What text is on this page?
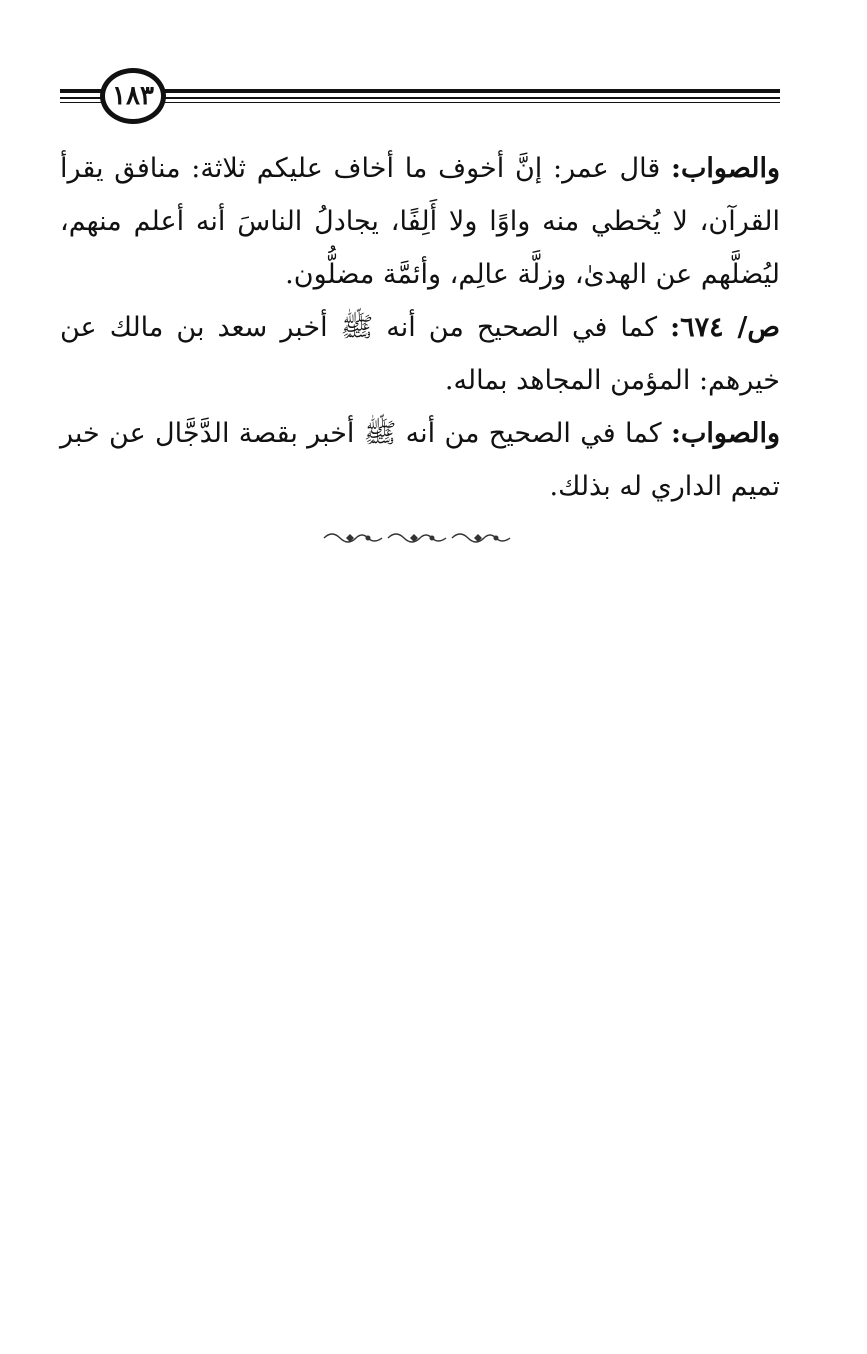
١٨٣

والصواب: قال عمر: إنَّ أخوف ما أخاف عليكم ثلاثة: منافق يقرأ القرآن، لا يُخطي منه واوًا ولا أَلِفًا، يجادلُ الناسَ أنه أعلم منهم، ليُضلَّهم عن الهدىٰ، وزلَّة عالِم، وأئمَّة مضلُّون.

ص/ ٦٧٤: كما في الصحيح من أنه ﷺ أخبر سعد بن مالك عن خيرهم: المؤمن المجاهد بماله.

والصواب: كما في الصحيح من أنه ﷺ أخبر بقصة الدَّجَّال عن خبر تميم الداري له بذلك.
